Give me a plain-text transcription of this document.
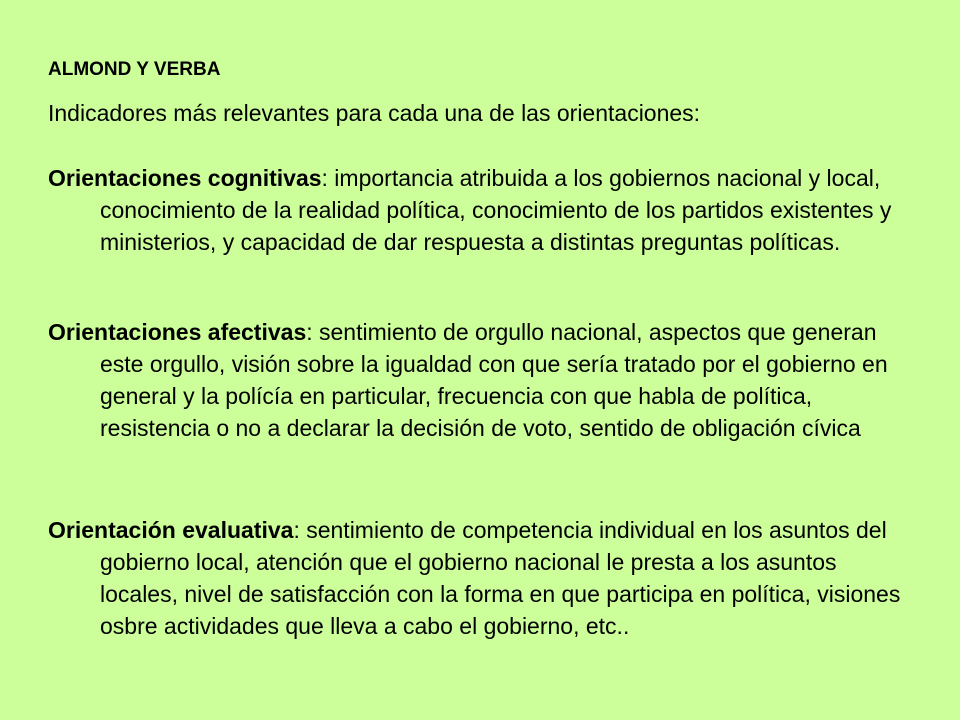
ALMOND Y VERBA
Indicadores más relevantes para cada una de las orientaciones:
Orientaciones cognitivas: importancia atribuida a los gobiernos nacional y local, conocimiento de la realidad política, conocimiento de los partidos existentes y ministerios, y capacidad de dar respuesta a distintas preguntas políticas.
Orientaciones afectivas: sentimiento de orgullo nacional, aspectos que generan este orgullo, visión sobre la igualdad con que sería tratado por el gobierno en general y la polícía en particular, frecuencia con que habla de política, resistencia o no a declarar la decisión de voto, sentido de obligación cívica
Orientación evaluativa: sentimiento de competencia individual en los asuntos del gobierno local, atención que el gobierno nacional le presta a los asuntos locales, nivel de satisfacción con la forma en que participa en política, visiones osbre actividades que lleva a cabo el gobierno, etc..
